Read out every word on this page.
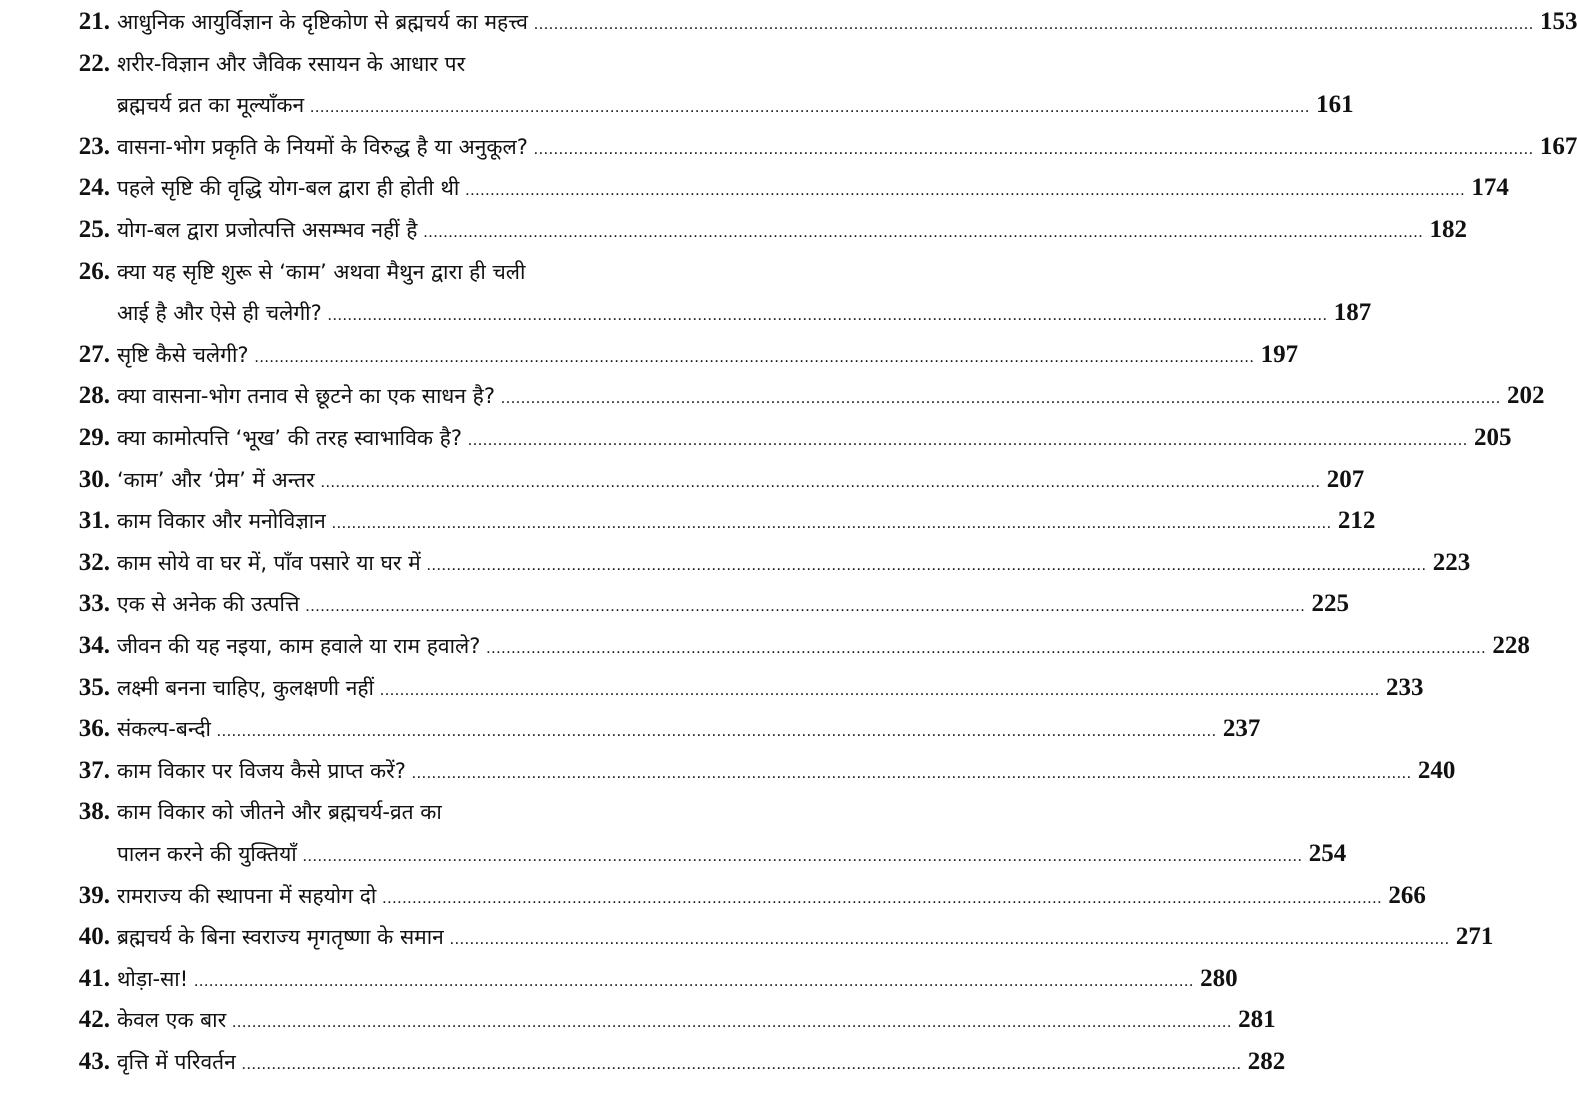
21. आधुनिक आयुर्विज्ञान के दृष्टिकोण से ब्रह्मचर्य का महत्त्व ........................................................................................................................................................................................................ 153
22. शरीर-विज्ञान और जैविक रसायन के आधार पर
ब्रह्मचर्य व्रत का मूल्याँकन ........................................................................................................................................................................................................ 161
23. वासना-भोग प्रकृति के नियमों के विरुद्ध है या अनुकूल? ........................................................................................................................................................................................................ 167
24. पहले सृष्टि की वृद्धि योग-बल द्वारा ही होती थी ........................................................................................................................................................................................................ 174
25. योग-बल द्वारा प्रजोत्पत्ति असम्भव नहीं है ........................................................................................................................................................................................................ 182
26. क्या यह सृष्टि शुरू से ‘काम’ अथवा मैथुन द्वारा ही चली
आई है और ऐसे ही चलेगी? ........................................................................................................................................................................................................ 187
27. सृष्टि कैसे चलेगी? ........................................................................................................................................................................................................ 197
28. क्या वासना-भोग तनाव से छूटने का एक साधन है? ........................................................................................................................................................................................................ 202
29. क्या कामोत्पत्ति ‘भूख’ की तरह स्वाभाविक है? ........................................................................................................................................................................................................ 205
30. ‘काम’ और ‘प्रेम’ में अन्तर ........................................................................................................................................................................................................ 207
31. काम विकार और मनोविज्ञान ........................................................................................................................................................................................................ 212
32. काम सोये वा घर में, पाँव पसारे या घर में ........................................................................................................................................................................................................ 223
33. एक से अनेक की उत्पत्ति ........................................................................................................................................................................................................ 225
34. जीवन की यह नइया, काम हवाले या राम हवाले? ........................................................................................................................................................................................................ 228
35. लक्ष्मी बनना चाहिए, कुलक्षणी नहीं ........................................................................................................................................................................................................ 233
36. संकल्प-बन्दी ........................................................................................................................................................................................................ 237
37. काम विकार पर विजय कैसे प्राप्त करें? ........................................................................................................................................................................................................ 240
38. काम विकार को जीतने और ब्रह्मचर्य-व्रत का
पालन करने की युक्तियाँ ........................................................................................................................................................................................................ 254
39. रामराज्य की स्थापना में सहयोग दो ........................................................................................................................................................................................................ 266
40. ब्रह्मचर्य के बिना स्वराज्य मृगतृष्णा के समान ........................................................................................................................................................................................................ 271
41. थोड़ा-सा! ........................................................................................................................................................................................................ 280
42. केवल एक बार ........................................................................................................................................................................................................ 281
43. वृत्ति में परिवर्तन ........................................................................................................................................................................................................ 282
